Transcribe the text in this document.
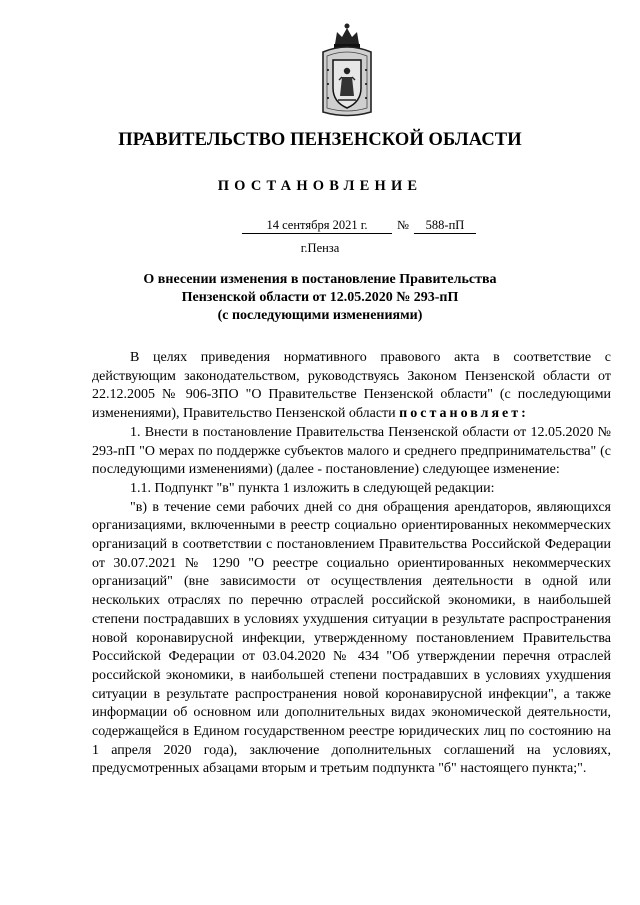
ПРАВИТЕЛЬСТВО ПЕНЗЕНСКОЙ ОБЛАСТИ
ПОСТАНОВЛЕНИЕ
14 сентября 2021 г.	№	588-пП
г.Пенза
О внесении изменения в постановление Правительства
Пензенской области от 12.05.2020 № 293-пП
(с последующими изменениями)

В целях приведения нормативного правового акта в соответствие с действующим законодательством, руководствуясь Законом Пензенской области от 22.12.2005 № 906-ЗПО "О Правительстве Пензенской области" (с последующими изменениями), Правительство Пензенской области постановляет:

1. Внести в постановление Правительства Пензенской области от 12.05.2020 № 293-пП "О мерах по поддержке субъектов малого и среднего предпринимательства" (с последующими изменениями) (далее - постановление) следующее изменение:

1.1. Подпункт "в" пункта 1 изложить в следующей редакции:

"в) в течение семи рабочих дней со дня обращения арендаторов, являющихся организациями, включенными в реестр социально ориентированных некоммерческих организаций в соответствии с постановлением Правительства Российской Федерации от 30.07.2021 № 1290 "О реестре социально ориентированных некоммерческих организаций" (вне зависимости от осуществления деятельности в одной или нескольких отраслях по перечню отраслей российской экономики, в наибольшей степени пострадавших в условиях ухудшения ситуации в результате распространения новой коронавирусной инфекции, утвержденному постановлением Правительства Российской Федерации от 03.04.2020 № 434 "Об утверждении перечня отраслей российской экономики, в наибольшей степени пострадавших в условиях ухудшения ситуации в результате распространения новой коронавирусной инфекции", а также информации об основном или дополнительных видах экономической деятельности, содержащейся в Едином государственном реестре юридических лиц по состоянию на 1 апреля 2020 года), заключение дополнительных соглашений на условиях, предусмотренных абзацами вторым и третьим подпункта "б" настоящего пункта;".
